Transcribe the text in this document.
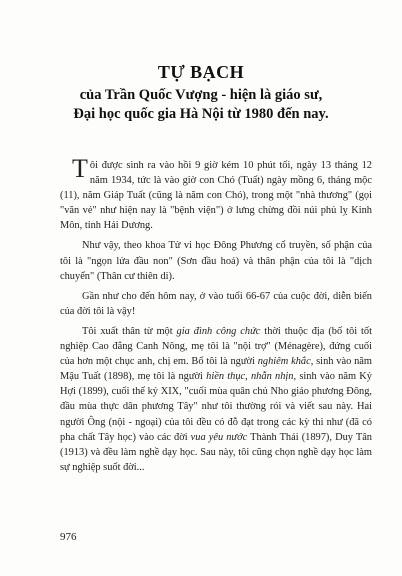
TỰ BẠCH
của Trần Quốc Vượng - hiện là giáo sư,
Đại học quốc gia Hà Nội từ 1980 đến nay.

Tôi được sinh ra vào hồi 9 giờ kém 10 phút tối, ngày 13 tháng 12 năm 1934, tức là vào giờ con Chó (Tuất) ngày mồng 6, tháng mộc (11), năm Giáp Tuất (cũng là năm con Chó), trong một "nhà thương" (gọi "văn vẻ" như hiện nay là "bệnh viện") ở lưng chừng đồi núi phủ lỵ Kinh Môn, tỉnh Hải Dương.

Như vậy, theo khoa Tử vi học Đông Phương cổ truyền, số phận của tôi là "ngọn lửa đầu non" (Sơn đầu hoả) và thân phận của tôi là "dịch chuyển" (Thân cư thiên di).

Gần như cho đến hôm nay, ở vào tuổi 66-67 của cuộc đời, diễn biến của đời tôi là vậy!

Tôi xuất thân từ một gia đình công chức thời thuộc địa (bố tôi tốt nghiệp Cao đẳng Canh Nông, mẹ tôi là "nội trợ" (Ménagère), đứng cuối của hơn một chục anh, chị em. Bố tôi là người nghiêm khắc, sinh vào năm Mậu Tuất (1898), mẹ tôi là người hiền thục, nhẫn nhịn, sinh vào năm Kỷ Hợi (1899), cuối thế kỷ XIX, "cuối mùa quân chủ Nho giáo phương Đông, đầu mùa thực dân phương Tây" như tôi thường rói và viết sau này. Hai người Ông (nội - ngoại) của tôi đều có đỗ đạt trong các kỳ thi như (đã có pha chất Tây học) vào các đời vua yêu nước Thành Thái (1897), Duy Tân (1913) và đều làm nghề dạy học. Sau này, tôi cũng chọn nghề dạy học làm sự nghiệp suốt đời...

976
